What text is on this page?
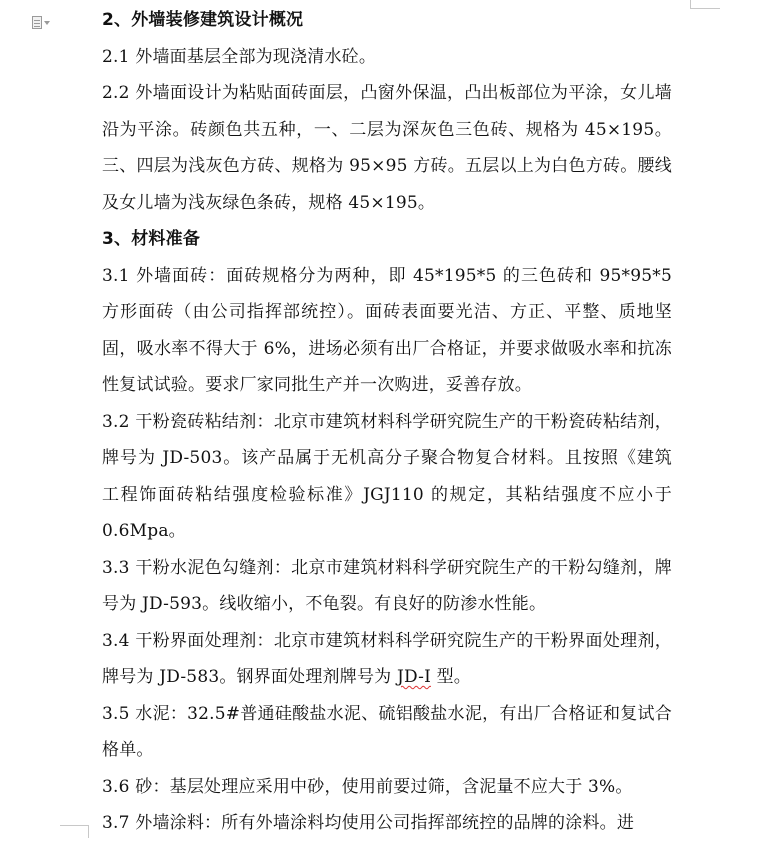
2、外墙装修建筑设计概况

2.1 外墙面基层全部为现浇清水砼。

2.2 外墙面设计为粘贴面砖面层，凸窗外保温，凸出板部位为平涂，女儿墙沿为平涂。砖颜色共五种，一、二层为深灰色三色砖、规格为 45×195。三、四层为浅灰色方砖、规格为 95×95 方砖。五层以上为白色方砖。腰线及女儿墙为浅灰绿色条砖，规格 45×195。

3、材料准备

3.1 外墙面砖：面砖规格分为两种，即 45*195*5 的三色砖和 95*95*5 方形面砖（由公司指挥部统控）。面砖表面要光洁、方正、平整、质地坚固，吸水率不得大于 6%，进场必须有出厂合格证，并要求做吸水率和抗冻性复试试验。要求厂家同批生产并一次购进，妥善存放。

3.2 干粉瓷砖粘结剂：北京市建筑材料科学研究院生产的干粉瓷砖粘结剂，牌号为 JD-503。该产品属于无机高分子聚合物复合材料。且按照《建筑 工程饰面砖粘结强度检验标准》JGJ110 的规定，其粘结强度不应小于 0.6Mpa。

3.3 干粉水泥色勾缝剂：北京市建筑材料科学研究院生产的干粉勾缝剂，牌号为 JD-593。线收缩小，不龟裂。有良好的防渗水性能。

3.4 干粉界面处理剂：北京市建筑材料科学研究院生产的干粉界面处理剂，牌号为 JD-583。钢界面处理剂牌号为 JD-I 型。

3.5 水泥：32.5#普通硅酸盐水泥、硫铝酸盐水泥，有出厂合格证和复试合格单。

3.6 砂：基层处理应采用中砂，使用前要过筛，含泥量不应大于 3%。

3.7 外墙涂料：所有外墙涂料均使用公司指挥部统控的品牌的涂料。进
